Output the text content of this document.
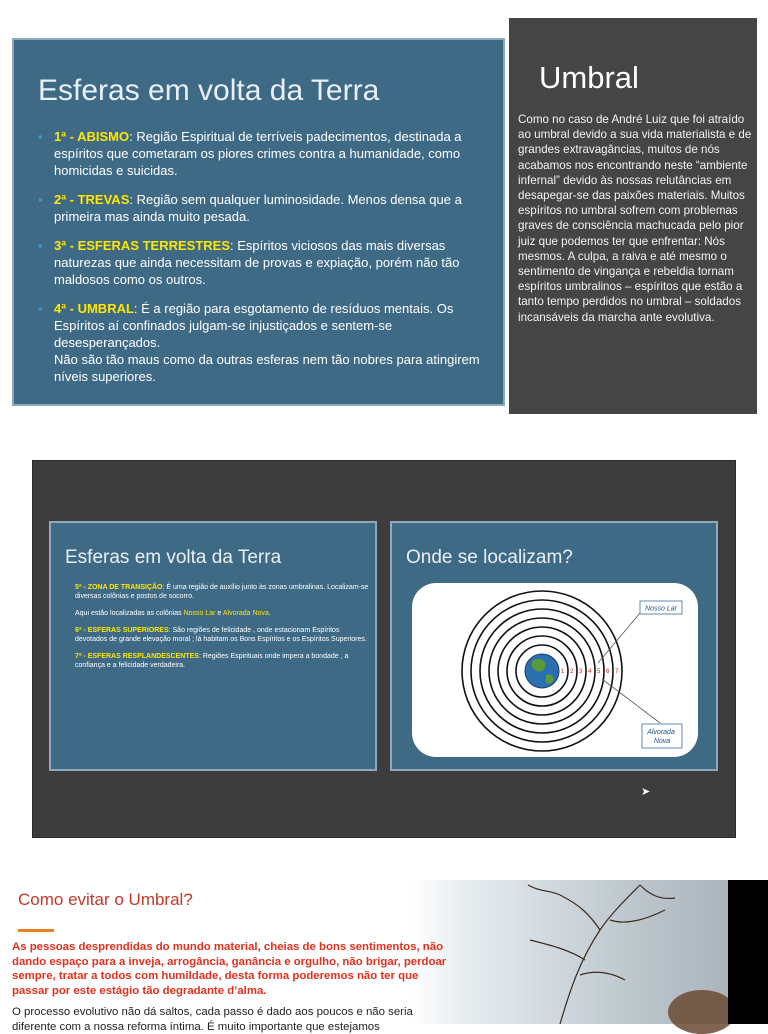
Esferas em volta da Terra
▪ 1ª - ABISMO: Região Espiritual de terríveis padecimentos, destinada a espíritos que cometaram os piores crimes contra a humanidade, como homicidas e suicidas.
▪ 2ª - TREVAS: Região sem qualquer luminosidade. Menos densa que a primeira mas ainda muito pesada.
▪ 3ª - ESFERAS TERRESTRES: Espíritos viciosos das mais diversas naturezas que ainda necessitam de provas e expiação, porém não tão maldosos como os outros.
▪ 4ª - UMBRAL: É a região para esgotamento de resíduos mentais. Os Espíritos aí confinados julgam-se injustiçados e sentem-se desesperançados.
Não são tão maus como da outras esferas nem tão nobres para atingirem níveis superiores.
Umbral
Como no caso de André Luiz que foi atraído ao umbral devido a sua vida materialista e de grandes extravagâncias, muitos de nós acabamos nos encontrando neste “ambiente infernal” devido às nossas relutâncias em desapegar-se das paixões materiais. Muitos espíritos no umbral sofrem com problemas graves de consciência machucada pelo pior juiz que podemos ter que enfrentar: Nós mesmos. A culpa, a raiva e até mesmo o sentimento de vingança e rebeldia tornam espíritos umbralinos – espíritos que estão a tanto tempo perdidos no umbral – soldados incansáveis da marcha ante evolutiva.
Esferas em volta da Terra
5ª - ZONA DE TRANSIÇÃO: É uma região de auxílio junto às zonas umbralinas. Localizam-se diversas colônias e postos de socorro.
Aqui estão localizadas as colônias Nosso Lar e Alvorada Nova.
6ª - ESFERAS SUPERIORES: São regiões de felicidade , onde estacionam Espíritos devotados de grande elevação moral ; lá habitam os Bons Espíritos e os Espíritos Superiores.
7ª - ESFERAS RESPLANDESCENTES: Regiões Espirituais onde impera a bondade , a confiança e a felicidade verdadeira.
Onde se localizam?
1 2 3 4 5 6 7
Nosso Lar
Alvorada Nova
➤
Como evitar o Umbral?
As pessoas desprendidas do mundo material, cheias de bons sentimentos, não dando espaço para a inveja, arrogância, ganância e orgulho, não brigar, perdoar sempre, tratar a todos com humildade, desta forma poderemos não ter que passar por este estágio tão degradante d’alma.
O processo evolutivo não dá saltos, cada passo é dado aos poucos e não seria diferente com a nossa reforma íntima. É muito importante que estejamos
